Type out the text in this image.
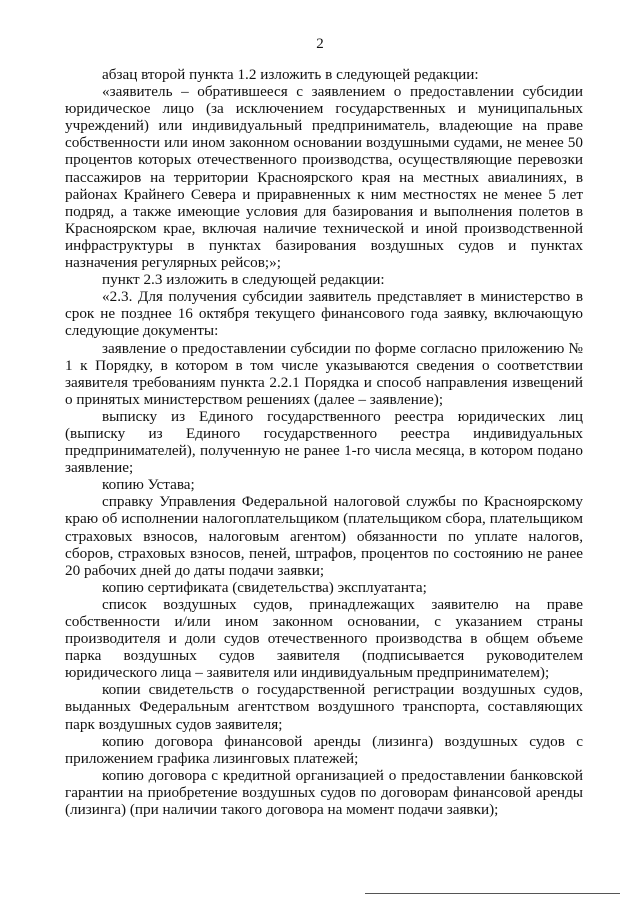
2

абзац второй пункта 1.2 изложить в следующей редакции:

«заявитель – обратившееся с заявлением о предоставлении субсидии юридическое лицо (за исключением государственных и муниципальных учреждений) или индивидуальный предприниматель, владеющие на праве собственности или ином законном основании воздушными судами, не менее 50 процентов которых отечественного производства, осуществляющие перевозки пассажиров на территории Красноярского края на местных авиалиниях, в районах Крайнего Севера и приравненных к ним местностях не менее 5 лет подряд, а также имеющие условия для базирования и выполнения полетов в Красноярском крае, включая наличие технической и иной производственной инфраструктуры в пунктах базирования воздушных судов и пунктах назначения регулярных рейсов;»;

пункт 2.3 изложить в следующей редакции:

«2.3. Для получения субсидии заявитель представляет в министерство в срок не позднее 16 октября текущего финансового года заявку, включающую следующие документы:

заявление о предоставлении субсидии по форме согласно приложению № 1 к Порядку, в котором в том числе указываются сведения о соответствии заявителя требованиям пункта 2.2.1 Порядка и способ направления извещений о принятых министерством решениях (далее – заявление);

выписку из Единого государственного реестра юридических лиц (выписку из Единого государственного реестра индивидуальных предпринимателей), полученную не ранее 1-го числа месяца, в котором подано заявление;

копию Устава;

справку Управления Федеральной налоговой службы по Красноярскому краю об исполнении налогоплательщиком (плательщиком сбора, плательщиком страховых взносов, налоговым агентом) обязанности по уплате налогов, сборов, страховых взносов, пеней, штрафов, процентов по состоянию не ранее 20 рабочих дней до даты подачи заявки;

копию сертификата (свидетельства) эксплуатанта;

список воздушных судов, принадлежащих заявителю на праве собственности и/или ином законном основании, с указанием страны производителя и доли судов отечественного производства в общем объеме парка воздушных судов заявителя (подписывается руководителем юридического лица – заявителя или индивидуальным предпринимателем);

копии свидетельств о государственной регистрации воздушных судов, выданных Федеральным агентством воздушного транспорта, составляющих парк воздушных судов заявителя;

копию договора финансовой аренды (лизинга) воздушных судов с приложением графика лизинговых платежей;

копию договора с кредитной организацией о предоставлении банковской гарантии на приобретение воздушных судов по договорам финансовой аренды (лизинга) (при наличии такого договора на момент подачи заявки);
